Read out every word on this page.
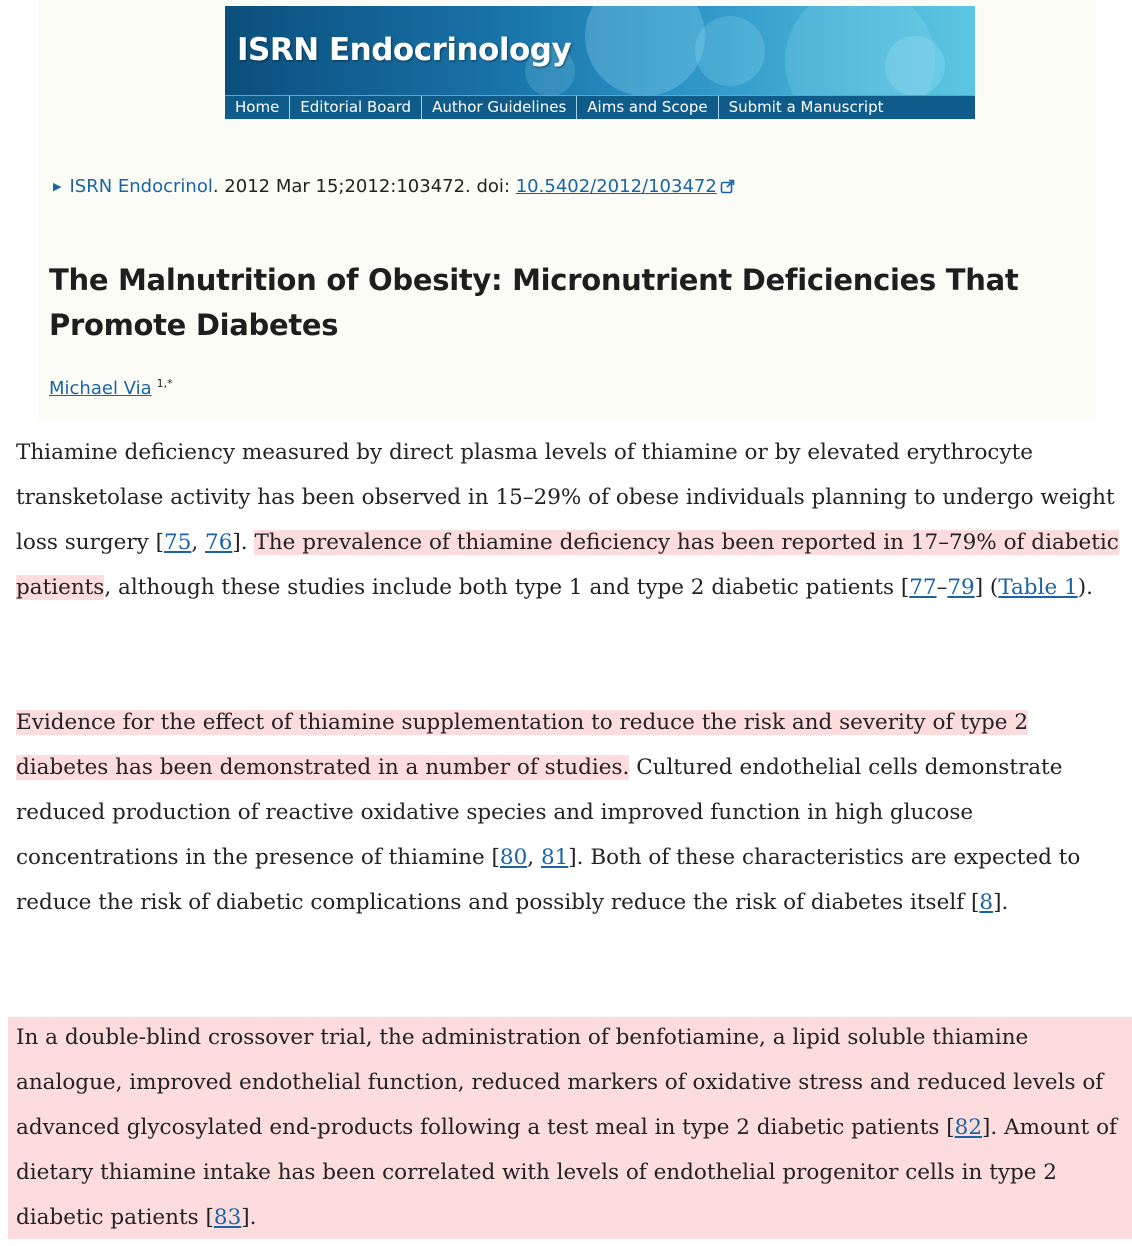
ISRN Endocrinology
Home	Editorial Board	Author Guidelines	Aims and Scope	Submit a Manuscript
▶ ISRN Endocrinol. 2012 Mar 15;2012:103472. doi: 10.5402/2012/103472
The Malnutrition of Obesity: Micronutrient Deficiencies That Promote Diabetes
Michael Via $^{1,*}$

Thiamine deficiency measured by direct plasma levels of thiamine or by elevated erythrocyte transketolase activity has been observed in 15–29% of obese individuals planning to undergo weight loss surgery [75, 76]. The prevalence of thiamine deficiency has been reported in 17–79% of diabetic patients, although these studies include both type 1 and type 2 diabetic patients [77–79] (Table 1).

Evidence for the effect of thiamine supplementation to reduce the risk and severity of type 2 diabetes has been demonstrated in a number of studies. Cultured endothelial cells demonstrate reduced production of reactive oxidative species and improved function in high glucose concentrations in the presence of thiamine [80, 81]. Both of these characteristics are expected to reduce the risk of diabetic complications and possibly reduce the risk of diabetes itself [8].

In a double-blind crossover trial, the administration of benfotiamine, a lipid soluble thiamine analogue, improved endothelial function, reduced markers of oxidative stress and reduced levels of advanced glycosylated end-products following a test meal in type 2 diabetic patients [82]. Amount of dietary thiamine intake has been correlated with levels of endothelial progenitor cells in type 2 diabetic patients [83].
